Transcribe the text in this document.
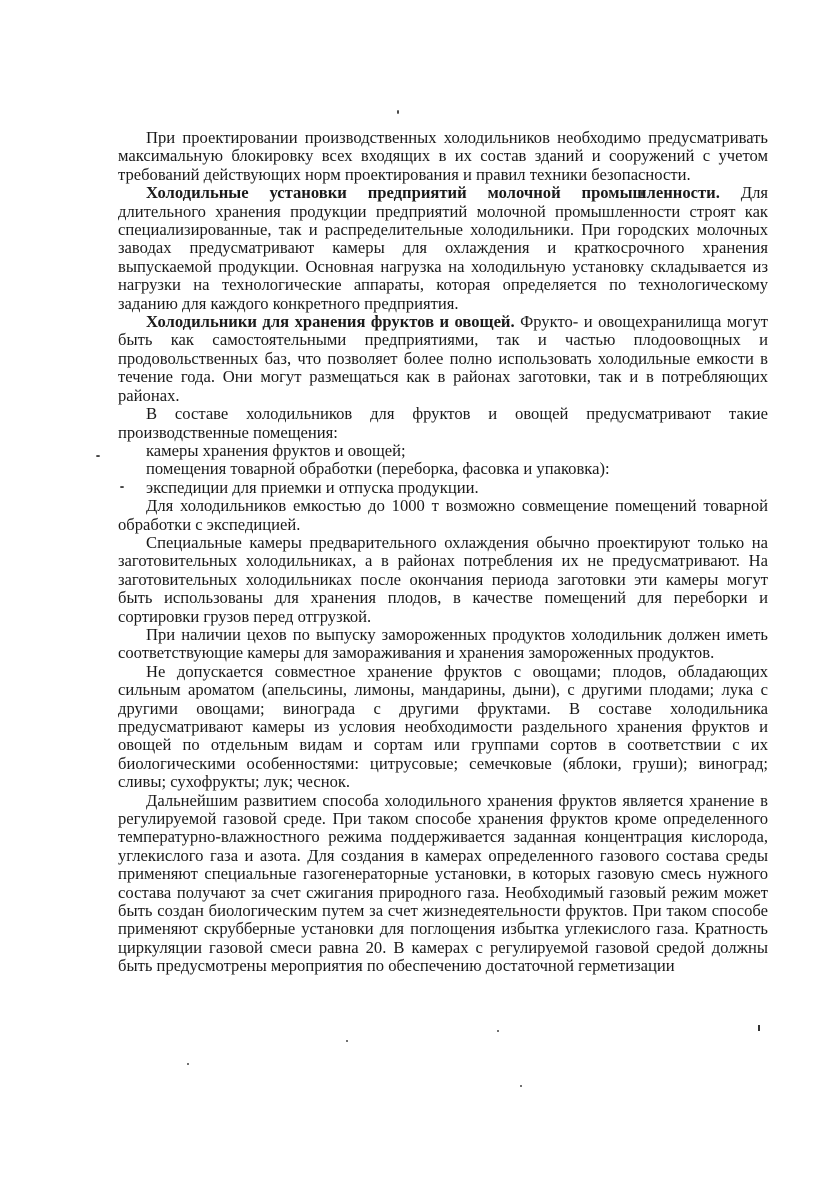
При проектировании производственных холодильников необходимо предусматривать максимальную блокировку всех входящих в их состав зданий и сооружений с учетом требований действующих норм проектирования и правил техники безопасности.

Холодильные установки предприятий молочной промышленности. Для длительного хранения продукции предприятий молочной промышленности строят как специализированные, так и распределительные холодильники. При городских молочных заводах предусматривают камеры для охлаждения и краткосрочного хранения выпускаемой продукции. Основная нагрузка на холодильную установку складывается из нагрузки на технологические аппараты, которая определяется по технологическому заданию для каждого конкретного предприятия.

Холодильники для хранения фруктов и овощей. Фрукто- и овощехранилища могут быть как самостоятельными предприятиями, так и частью плодоовощных и продовольственных баз, что позволяет более полно использовать холодильные емкости в течение года. Они могут размещаться как в районах заготовки, так и в потребляющих районах.

В составе холодильников для фруктов и овощей предусматривают такие производственные помещения:

камеры хранения фруктов и овощей;

помещения товарной обработки (переборка, фасовка и упаковка):

экспедиции для приемки и отпуска продукции.

Для холодильников емкостью до 1000 т возможно совмещение помещений товарной обработки с экспедицией.

Специальные камеры предварительного охлаждения обычно проектируют только на заготовительных холодильниках, а в районах потребления их не предусматривают. На заготовительных холодильниках после окончания периода заготовки эти камеры могут быть использованы для хранения плодов, в качестве помещений для переборки и сортировки грузов перед отгрузкой.

При наличии цехов по выпуску замороженных продуктов холодильник должен иметь соответствующие камеры для замораживания и хранения замороженных продуктов.

Не допускается совместное хранение фруктов с овощами; плодов, обладающих сильным ароматом (апельсины, лимоны, мандарины, дыни), с другими плодами; лука с другими овощами; винограда с другими фруктами. В составе холодильника предусматривают камеры из условия необходимости раздельного хранения фруктов и овощей по отдельным видам и сортам или группами сортов в соответствии с их биологическими особенностями: цитрусовые; семечковые (яблоки, груши); виноград; сливы; сухофрукты; лук; чеснок.

Дальнейшим развитием способа холодильного хранения фруктов является хранение в регулируемой газовой среде. При таком способе хранения фруктов кроме определенного температурно-влажностного режима поддерживается заданная концентрация кислорода, углекислого газа и азота. Для создания в камерах определенного газового состава среды применяют специальные газогенераторные установки, в которых газовую смесь нужного состава получают за счет сжигания природного газа. Необходимый газовый режим может быть создан биологическим путем за счет жизнедеятельности фруктов. При таком способе применяют скрубберные установки для поглощения избытка углекислого газа. Кратность циркуляции газовой смеси равна 20. В камерах с регулируемой газовой средой должны быть предусмотрены мероприятия по обеспечению достаточной герметизации
